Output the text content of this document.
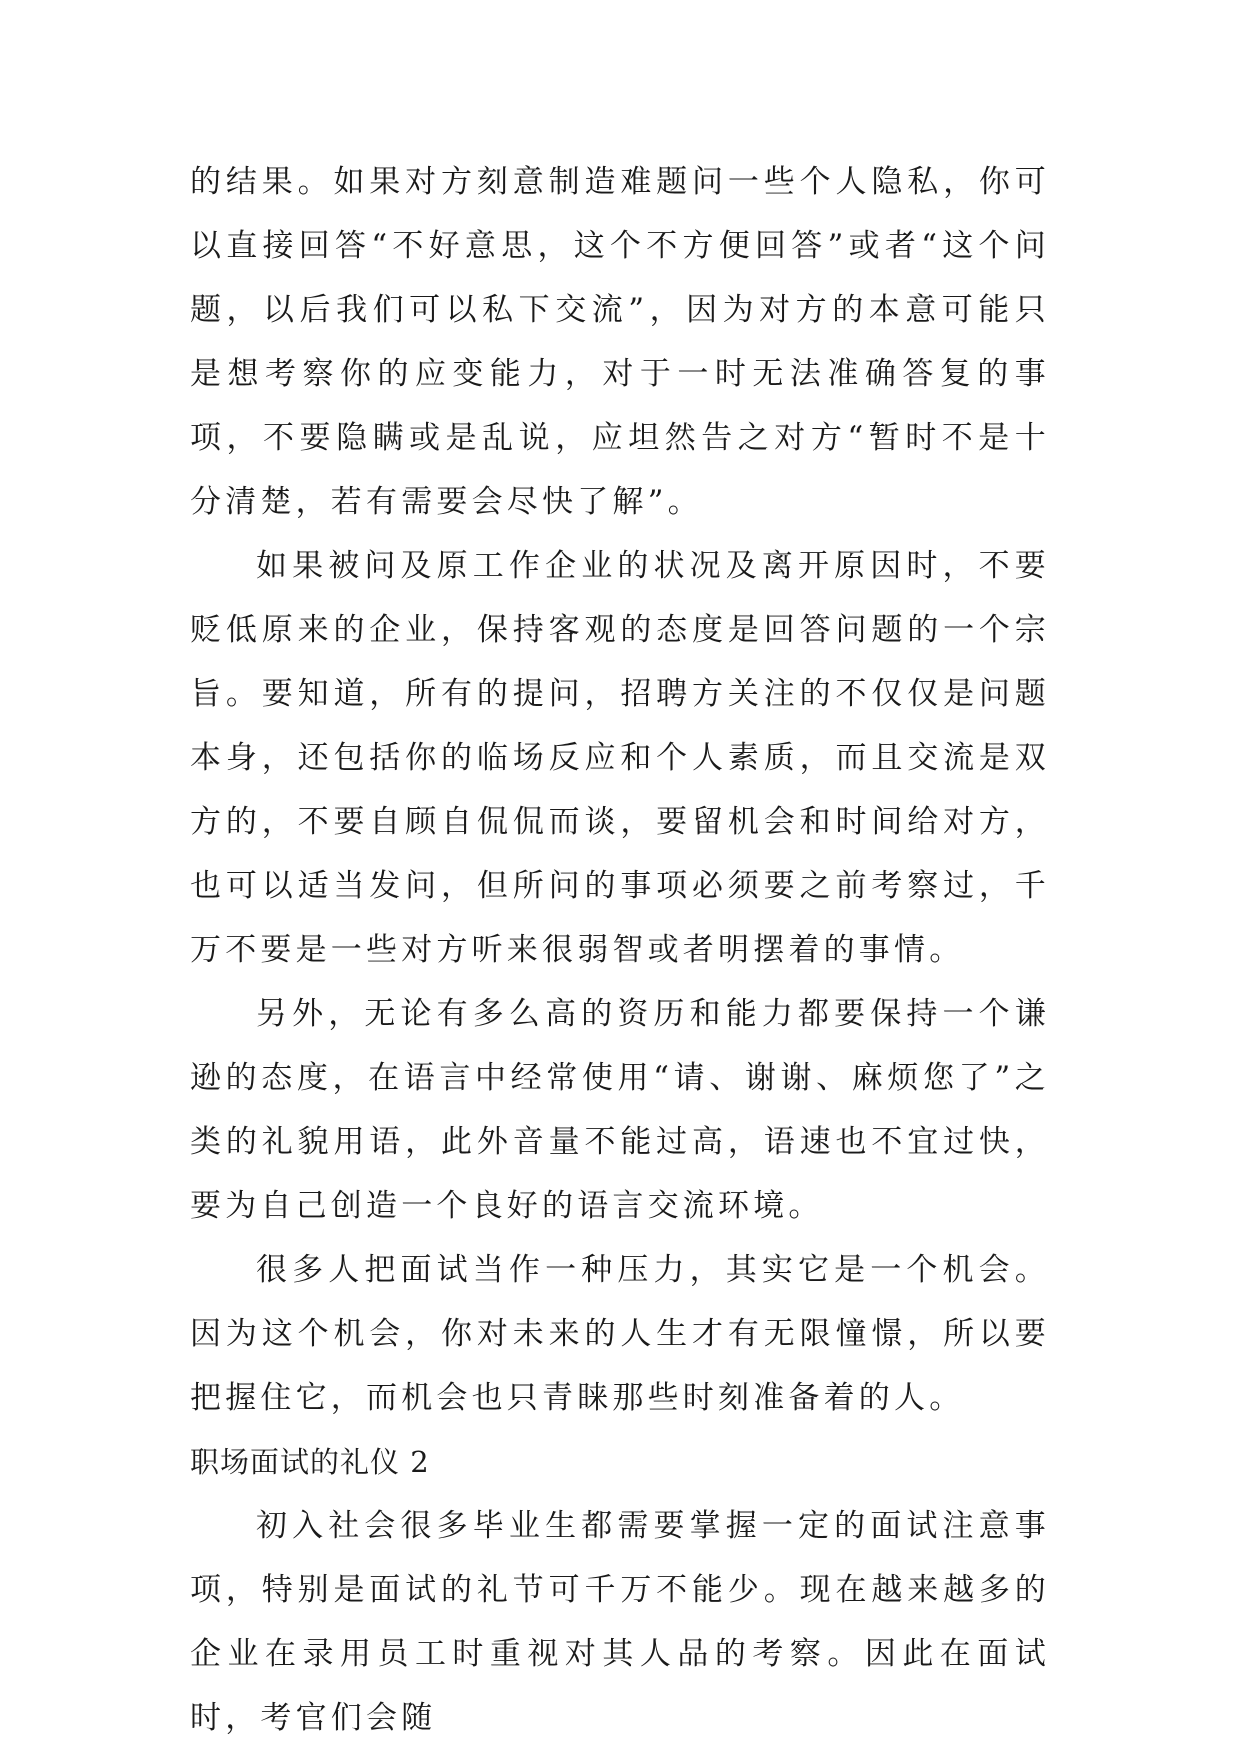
的结果。如果对方刻意制造难题问一些个人隐私，你可以直接回答“不好意思，这个不方便回答”或者“这个问题，以后我们可以私下交流”，因为对方的本意可能只是想考察你的应变能力，对于一时无法准确答复的事项，不要隐瞒或是乱说，应坦然告之对方“暂时不是十分清楚，若有需要会尽快了解”。

如果被问及原工作企业的状况及离开原因时，不要贬低原来的企业，保持客观的态度是回答问题的一个宗旨。要知道，所有的提问，招聘方关注的不仅仅是问题本身，还包括你的临场反应和个人素质，而且交流是双方的，不要自顾自侃侃而谈，要留机会和时间给对方，也可以适当发问，但所问的事项必须要之前考察过，千万不要是一些对方听来很弱智或者明摆着的事情。

另外，无论有多么高的资历和能力都要保持一个谦逊的态度，在语言中经常使用“请、谢谢、麻烦您了”之类的礼貌用语，此外音量不能过高，语速也不宜过快，要为自己创造一个良好的语言交流环境。

很多人把面试当作一种压力，其实它是一个机会。因为这个机会，你对未来的人生才有无限憧憬，所以要把握住它，而机会也只青睐那些时刻准备着的人。

职场面试的礼仪 2

初入社会很多毕业生都需要掌握一定的面试注意事项，特别是面试的礼节可千万不能少。现在越来越多的企业在录用员工时重视对其人品的考察。因此在面试时，考官们会随
